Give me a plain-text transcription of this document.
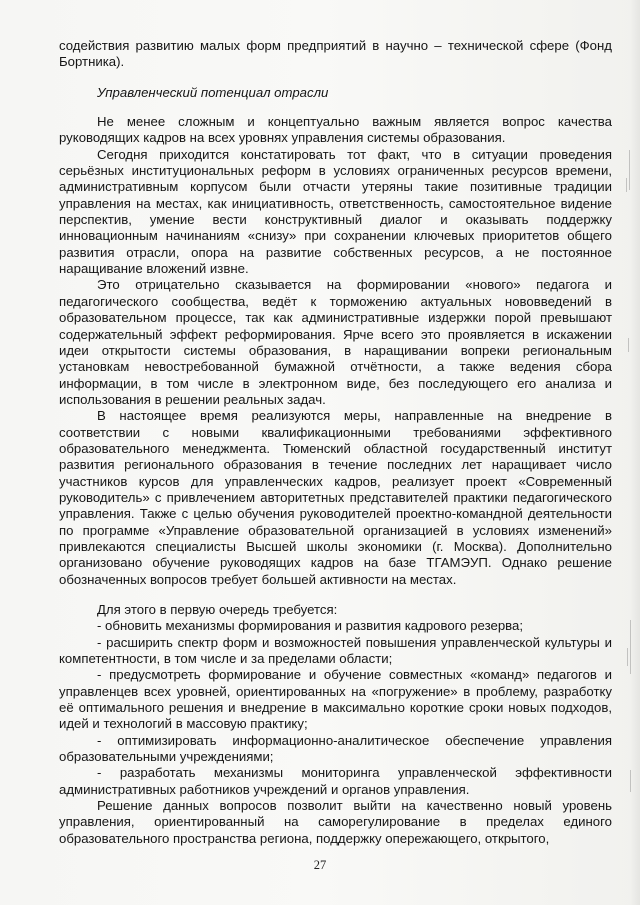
содействия развитию малых форм предприятий в научно – технической сфере (Фонд Бортника).

Управленческий потенциал отрасли

Не менее сложным и концептуально важным является вопрос качества руководящих кадров на всех уровнях управления системы образования.

Сегодня приходится констатировать тот факт, что в ситуации проведения серьёзных институциональных реформ в условиях ограниченных ресурсов времени, административным корпусом были отчасти утеряны такие позитивные традиции управления на местах, как инициативность, ответственность, самостоятельное видение перспектив, умение вести конструктивный диалог и оказывать поддержку инновационным начинаниям «снизу» при сохранении ключевых приоритетов общего развития отрасли, опора на развитие собственных ресурсов, а не постоянное наращивание вложений извне.

Это отрицательно сказывается на формировании «нового» педагога и педагогического сообщества, ведёт к торможению актуальных нововведений в образовательном процессе, так как административные издержки порой превышают содержательный эффект реформирования. Ярче всего это проявляется в искажении идеи открытости системы образования, в наращивании вопреки региональным установкам невостребованной бумажной отчётности, а также ведения сбора информации, в том числе в электронном виде, без последующего его анализа и использования в решении реальных задач.

В настоящее время реализуются меры, направленные на внедрение в соответствии с новыми квалификационными требованиями эффективного образовательного менеджмента. Тюменский областной государственный институт развития регионального образования в течение последних лет наращивает число участников курсов для управленческих кадров, реализует проект «Современный руководитель» с привлечением авторитетных представителей практики педагогического управления. Также с целью обучения руководителей проектно-командной деятельности по программе «Управление образовательной организацией в условиях изменений» привлекаются специалисты Высшей школы экономики (г. Москва). Дополнительно организовано обучение руководящих кадров на базе ТГАМЭУП. Однако решение обозначенных вопросов требует большей активности на местах.

Для этого в первую очередь требуется:

- обновить механизмы формирования и развития кадрового резерва;

- расширить спектр форм и возможностей повышения управленческой культуры и компетентности, в том числе и за пределами области;

- предусмотреть формирование и обучение совместных «команд» педагогов и управленцев всех уровней, ориентированных на «погружение» в проблему, разработку её оптимального решения и внедрение в максимально короткие сроки новых подходов, идей и технологий в массовую практику;

- оптимизировать информационно-аналитическое обеспечение управления образовательными учреждениями;

- разработать механизмы мониторинга управленческой эффективности административных работников учреждений и органов управления.

Решение данных вопросов позволит выйти на качественно новый уровень управления, ориентированный на саморегулирование в пределах единого образовательного пространства региона, поддержку опережающего, открытого,

27
